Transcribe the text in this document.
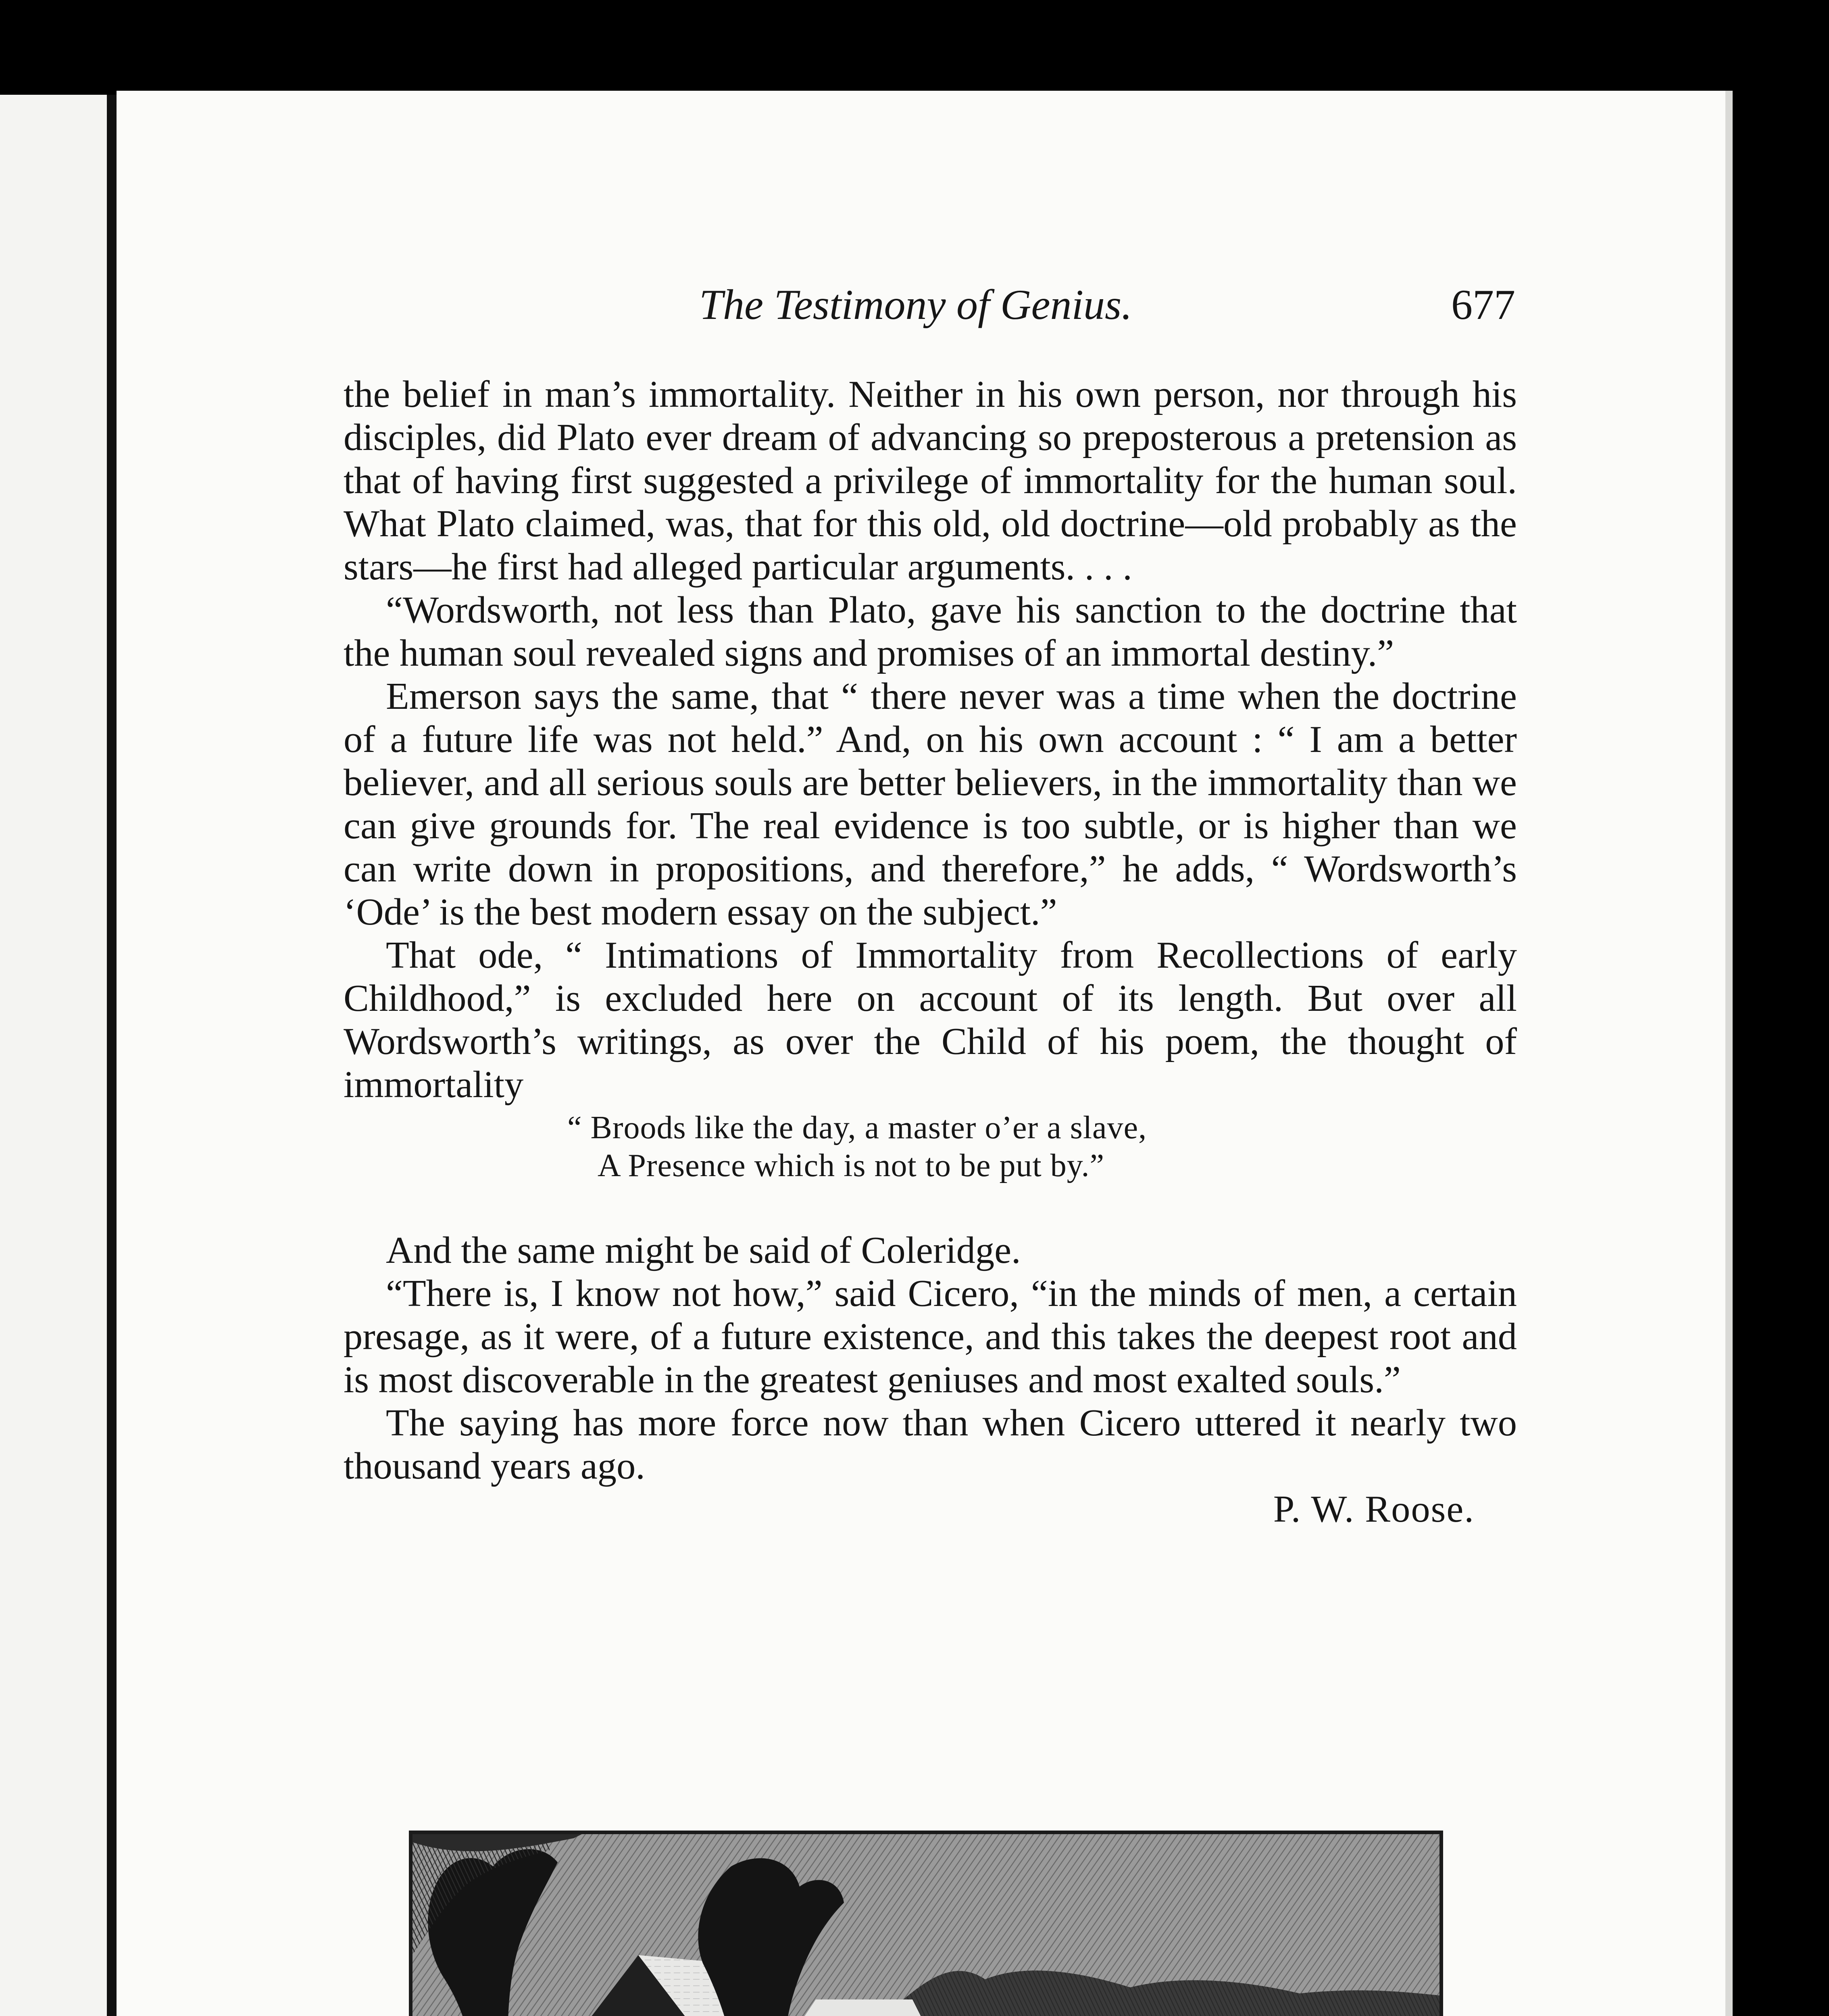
The Testimony of Genius.	677

the belief in man’s immortality. Neither in his own person, nor through his disciples, did Plato ever dream of advancing so preposterous a pretension as that of having first suggested a privilege of immortality for the human soul. What Plato claimed, was, that for this old, old doctrine—old probably as the stars—he first had alleged particular arguments. . . .

“Wordsworth, not less than Plato, gave his sanction to the doctrine that the human soul revealed signs and promises of an immortal destiny.”

Emerson says the same, that “ there never was a time when the doctrine of a future life was not held.” And, on his own account : “ I am a better believer, and all serious souls are better believers, in the immortality than we can give grounds for. The real evidence is too subtle, or is higher than we can write down in propositions, and therefore,” he adds, “ Wordsworth’s ‘Ode’ is the best modern essay on the subject.”

That ode, “ Intimations of Immortality from Recollections of early Childhood,” is excluded here on account of its length. But over all Wordsworth’s writings, as over the Child of his poem, the thought of immortality

“ Broods like the day, a master o’er a slave,
A Presence which is not to be put by.”

And the same might be said of Coleridge.

“There is, I know not how,” said Cicero, “in the minds of men, a certain presage, as it were, of a future existence, and this takes the deepest root and is most discoverable in the greatest geniuses and most exalted souls.”

The saying has more force now than when Cicero uttered it nearly two thousand years ago.

P. W. Roose.
